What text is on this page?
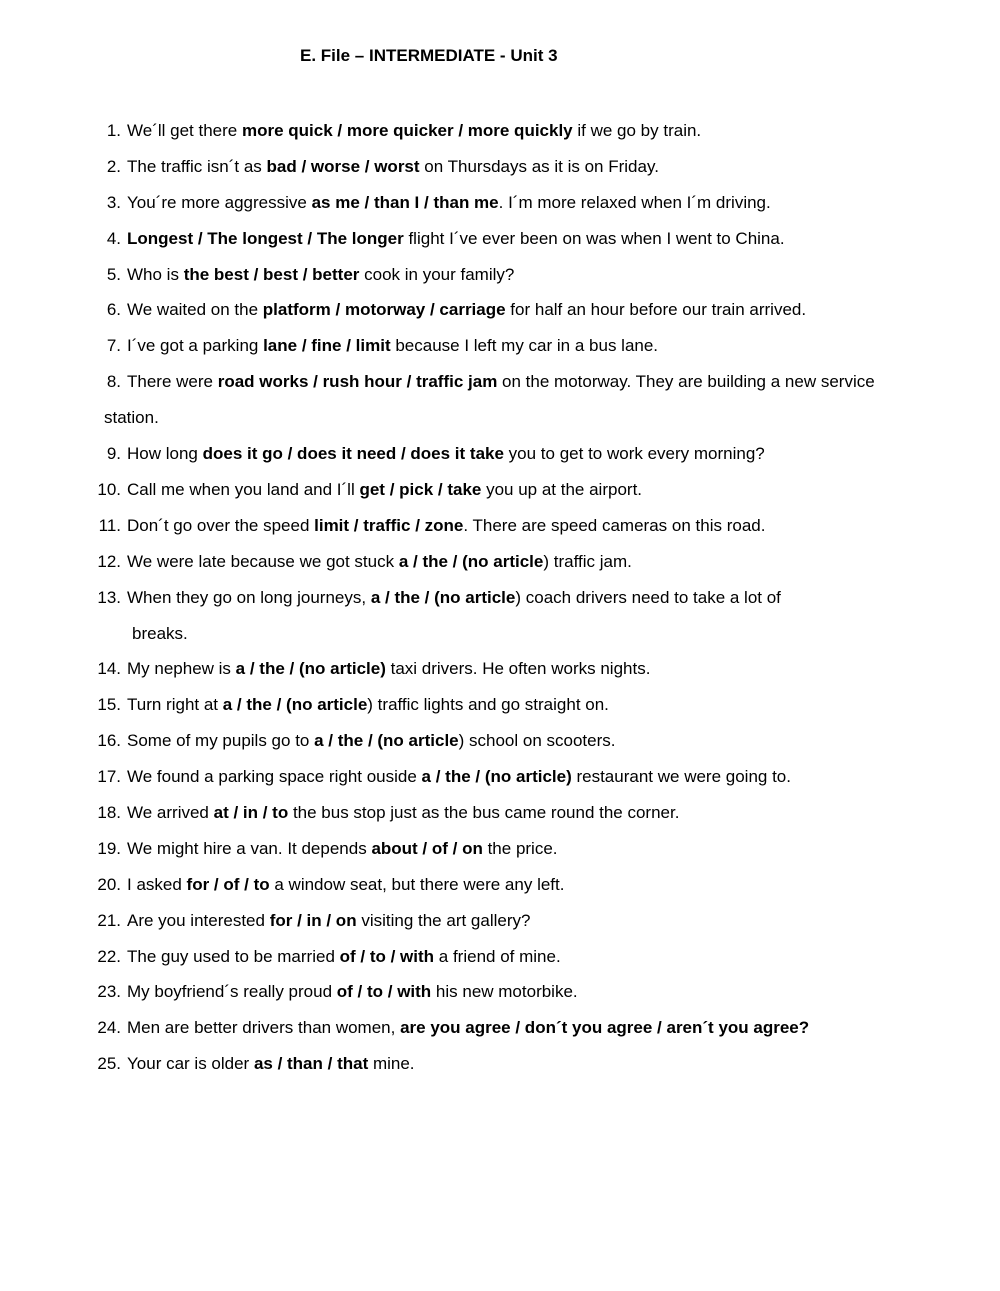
E. File – INTERMEDIATE - Unit 3
1. We´ll get there more quick / more quicker / more quickly if we go by train.
2. The traffic isn´t as bad / worse / worst on Thursdays as it is on Friday.
3. You´re more aggressive as me / than I / than me. I´m more relaxed when I´m driving.
4. Longest / The longest / The longer flight I´ve ever been on was when I went to China.
5. Who is the best / best / better cook in your family?
6. We waited on the platform / motorway / carriage for half an hour before our train arrived.
7. I´ve got a parking lane / fine / limit because I left my car in a bus lane.
8. There were road works / rush hour / traffic jam on the motorway. They are building a new service
station.
9. How long does it go / does it need / does it take you to get to work every morning?
10. Call me when you land and I´ll get / pick / take you up at the airport.
11. Don´t go over the speed limit / traffic / zone. There are speed cameras on this road.
12. We were late because we got stuck a / the / (no article) traffic jam.
13. When they go on long journeys, a / the / (no article) coach drivers need to take a lot of
breaks.
14. My nephew is a / the / (no article) taxi drivers. He often works nights.
15. Turn right at a / the / (no article) traffic lights and go straight on.
16. Some of my pupils go to a / the / (no article) school on scooters.
17. We found a parking space right ouside a / the / (no article) restaurant we were going to.
18. We arrived at / in / to the bus stop just as the bus came round the corner.
19. We might hire a van. It depends about / of / on the price.
20. I asked for / of / to a window seat, but there were any left.
21. Are you interested for / in / on visiting the art gallery?
22. The guy used to be married of / to / with a friend of mine.
23. My boyfriend´s really proud of / to / with his new motorbike.
24. Men are better drivers than women, are you agree / don´t you agree / aren´t you agree?
25. Your car is older as / than / that mine.
